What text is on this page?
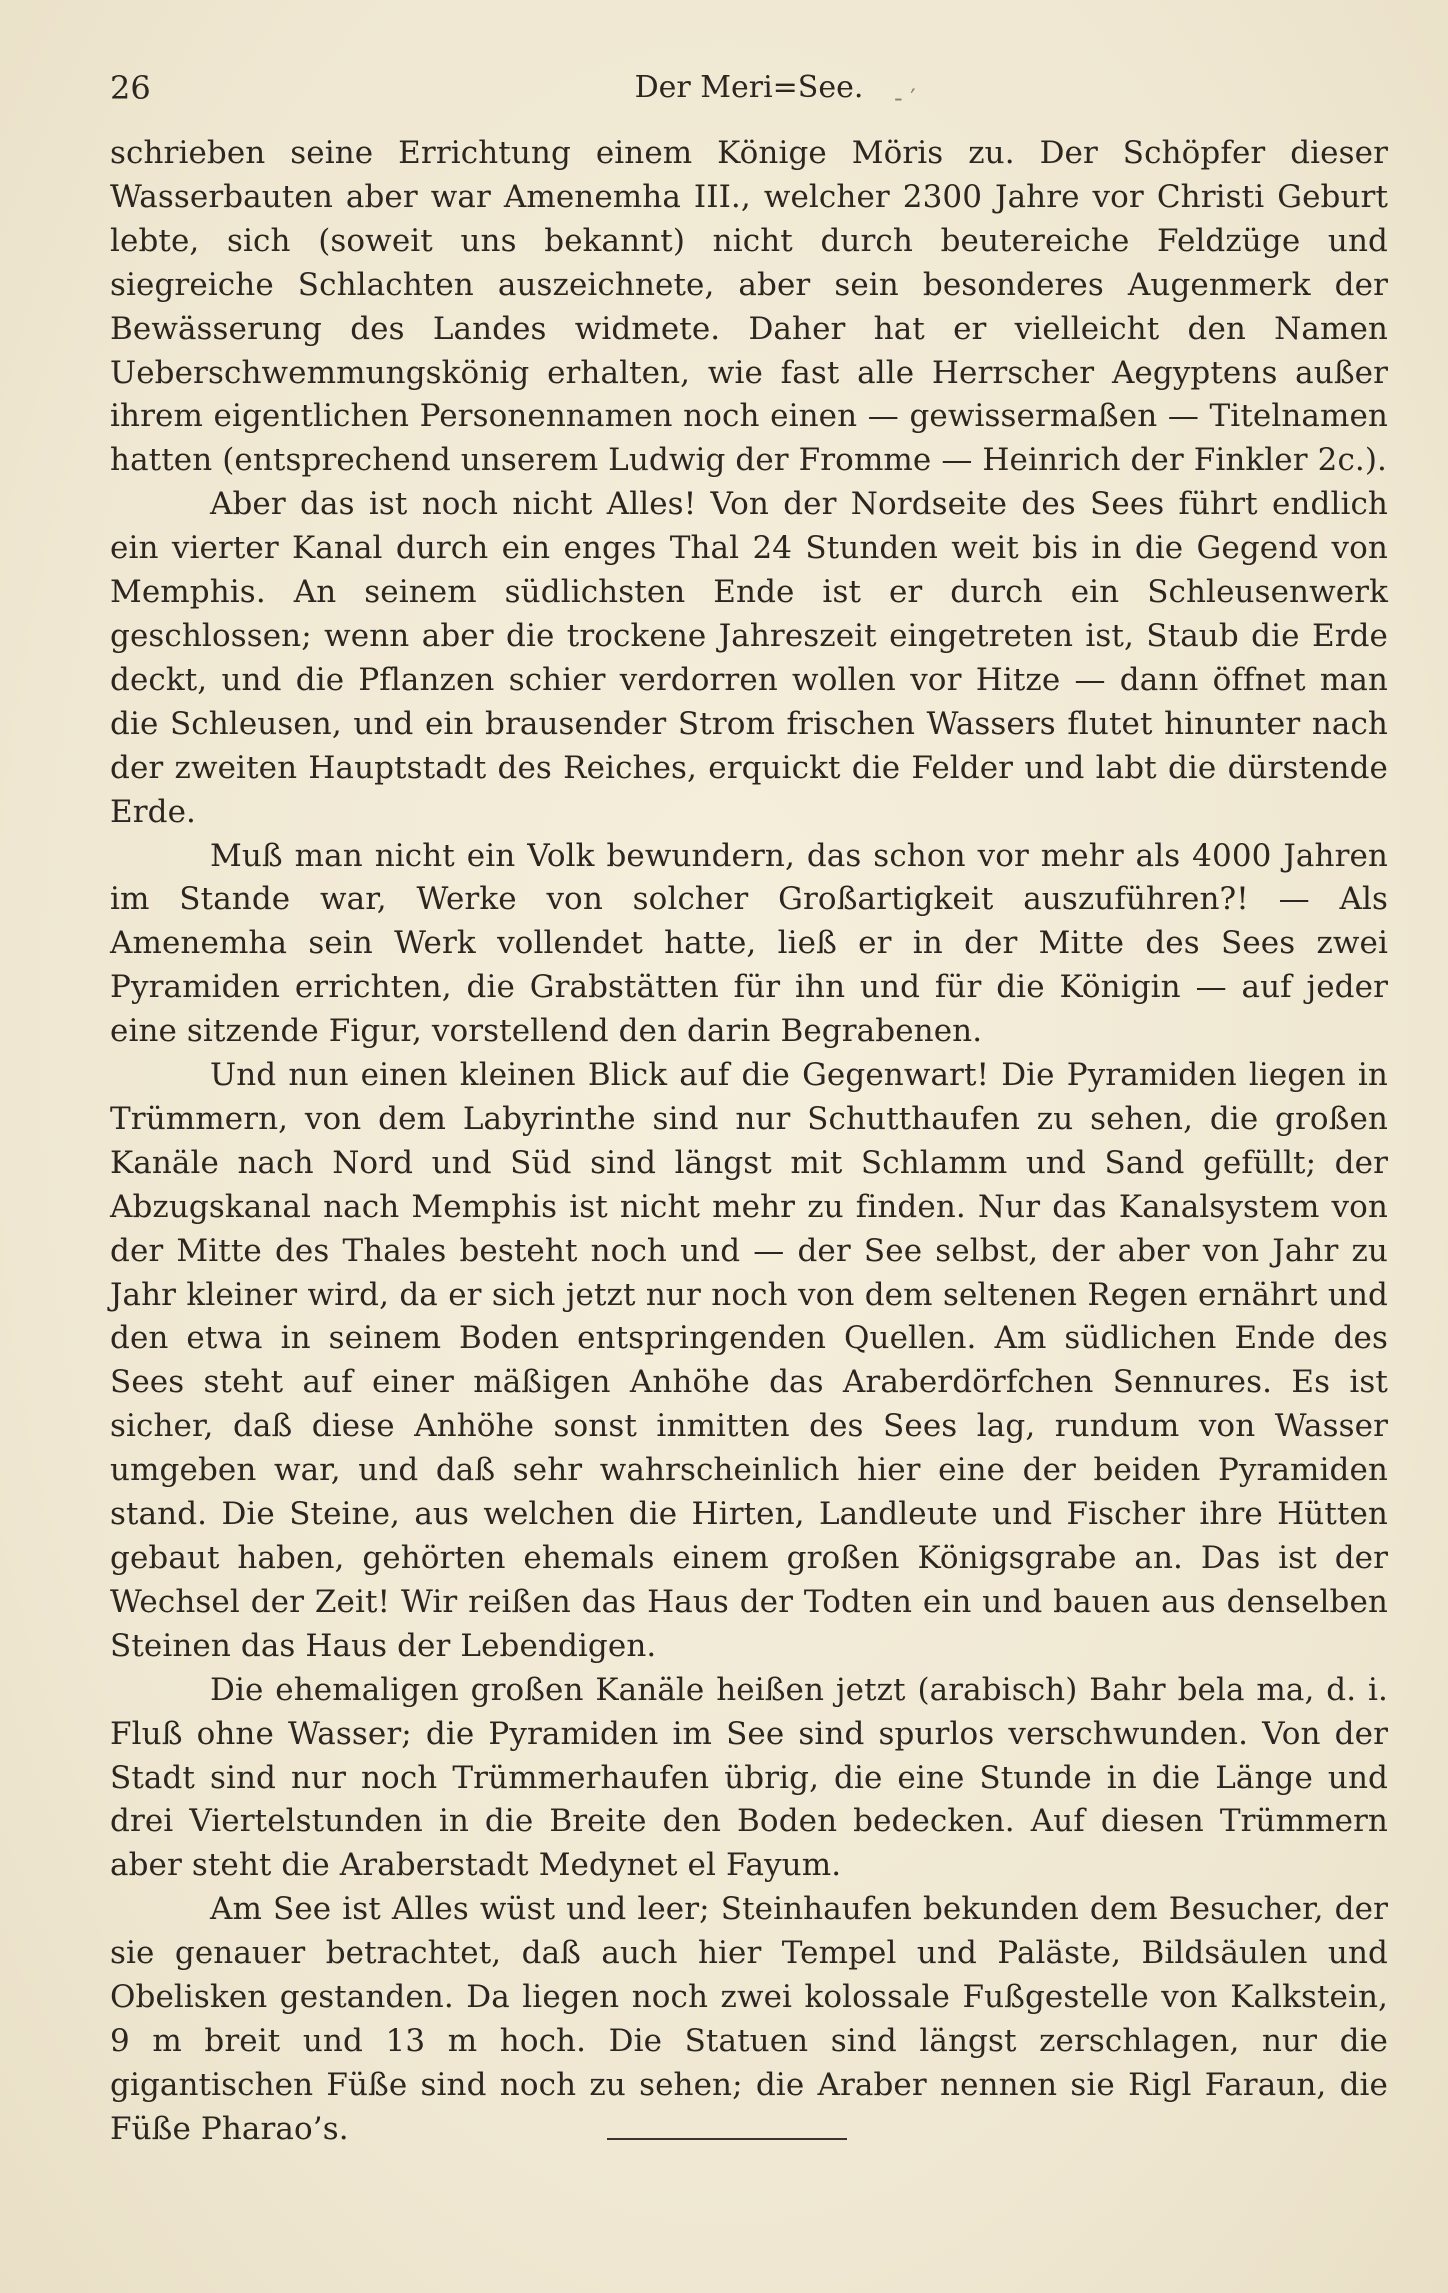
26	Der Meri=See.	- ′

schrieben seine Errichtung einem Könige Möris zu. Der Schöpfer dieser Wasserbauten aber war Amenemha III., welcher 2300 Jahre vor Christi Geburt lebte, sich (soweit uns bekannt) nicht durch beutereiche Feldzüge und siegreiche Schlachten auszeichnete, aber sein besonderes Augenmerk der Bewässerung des Landes widmete. Daher hat er vielleicht den Namen Ueberschwemmungskönig erhalten, wie fast alle Herrscher Aegyptens außer ihrem eigentlichen Personennamen noch einen — gewissermaßen — Titelnamen hatten (entsprechend unserem Ludwig der Fromme — Heinrich der Finkler 2c.).

Aber das ist noch nicht Alles! Von der Nordseite des Sees führt endlich ein vierter Kanal durch ein enges Thal 24 Stunden weit bis in die Gegend von Memphis. An seinem südlichsten Ende ist er durch ein Schleusenwerk geschlossen; wenn aber die trockene Jahreszeit eingetreten ist, Staub die Erde deckt, und die Pflanzen schier verdorren wollen vor Hitze — dann öffnet man die Schleusen, und ein brausender Strom frischen Wassers flutet hinunter nach der zweiten Hauptstadt des Reiches, erquickt die Felder und labt die dürstende Erde.

Muß man nicht ein Volk bewundern, das schon vor mehr als 4000 Jahren im Stande war, Werke von solcher Großartigkeit auszuführen?! — Als Amenemha sein Werk vollendet hatte, ließ er in der Mitte des Sees zwei Pyramiden errichten, die Grabstätten für ihn und für die Königin — auf jeder eine sitzende Figur, vorstellend den darin Begrabenen.

Und nun einen kleinen Blick auf die Gegenwart! Die Pyramiden liegen in Trümmern, von dem Labyrinthe sind nur Schutthaufen zu sehen, die großen Kanäle nach Nord und Süd sind längst mit Schlamm und Sand gefüllt; der Abzugskanal nach Memphis ist nicht mehr zu finden. Nur das Kanalsystem von der Mitte des Thales besteht noch und — der See selbst, der aber von Jahr zu Jahr kleiner wird, da er sich jetzt nur noch von dem seltenen Regen ernährt und den etwa in seinem Boden entspringenden Quellen. Am südlichen Ende des Sees steht auf einer mäßigen Anhöhe das Araberdörfchen Sennures. Es ist sicher, daß diese Anhöhe sonst inmitten des Sees lag, rundum von Wasser umgeben war, und daß sehr wahrscheinlich hier eine der beiden Pyramiden stand. Die Steine, aus welchen die Hirten, Landleute und Fischer ihre Hütten gebaut haben, gehörten ehemals einem großen Königsgrabe an. Das ist der Wechsel der Zeit! Wir reißen das Haus der Todten ein und bauen aus denselben Steinen das Haus der Lebendigen.

Die ehemaligen großen Kanäle heißen jetzt (arabisch) Bahr bela ma, d. i. Fluß ohne Wasser; die Pyramiden im See sind spurlos verschwunden. Von der Stadt sind nur noch Trümmerhaufen übrig, die eine Stunde in die Länge und drei Viertelstunden in die Breite den Boden bedecken. Auf diesen Trümmern aber steht die Araberstadt Medynet el Fayum.

Am See ist Alles wüst und leer; Steinhaufen bekunden dem Besucher, der sie genauer betrachtet, daß auch hier Tempel und Paläste, Bildsäulen und Obelisken gestanden. Da liegen noch zwei kolossale Fußgestelle von Kalkstein, 9 m breit und 13 m hoch. Die Statuen sind längst zerschlagen, nur die gigantischen Füße sind noch zu sehen; die Araber nennen sie Rigl Faraun, die Füße Pharao’s.
